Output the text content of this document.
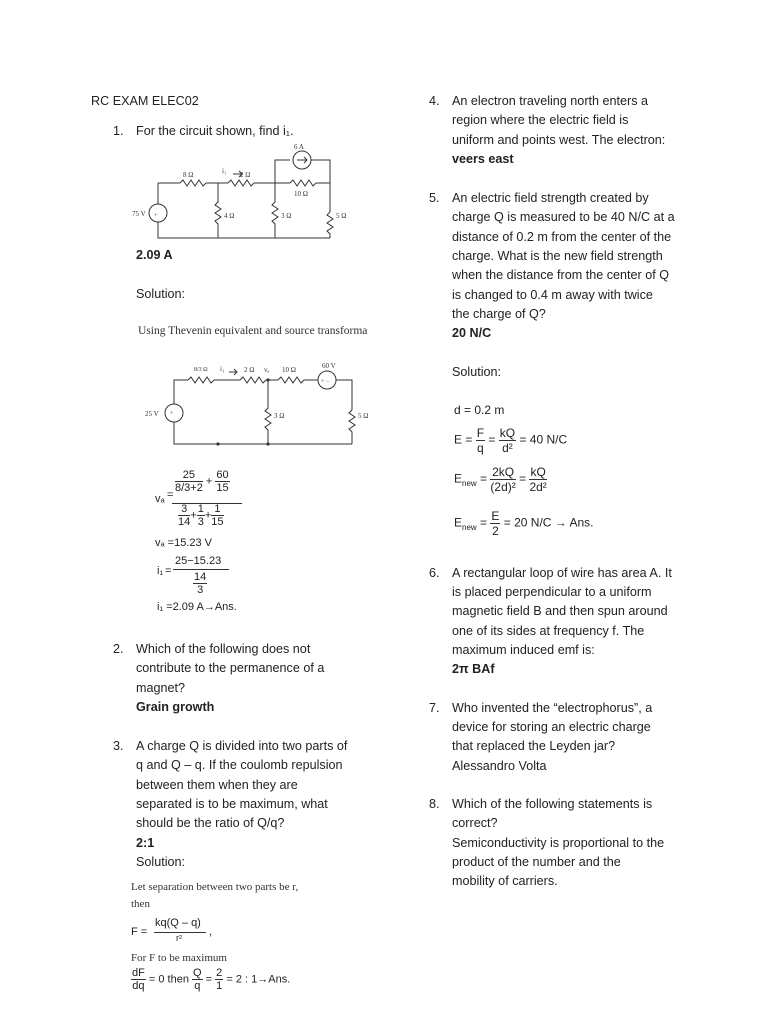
RC EXAM ELEC02
1. For the circuit shown, find i₁.
+
75 V
8 Ω	i₁ 2 Ω
6 A
10 Ω
4 Ω	3 Ω	5 Ω
2.09 A
Solution:
Using Thevenin equivalent and source transforma
+
+ −
25 V
8/3 Ω i₁	2 Ω vₐ 10 Ω	60 V
3 Ω	5 Ω
vₐ =
$\frac{25}{8/3+2} + \frac{60}{15}$
$\frac{3}{14} + \frac{1}{3} + \frac{1}{15}$
vₐ =15.23 V
i₁ =
25−15.23
$\frac{14}{3}$
i₁ =2.09 A→Ans.
2. Which of the following does not
contribute to the permanence of a
magnet?
Grain growth
3. A charge Q is divided into two parts of
q and Q – q. If the coulomb repulsion
between them when they are
separated is to be maximum, what
should be the ratio of Q/q?
2:1
Solution:
Let separation between two parts be r,
then
F =
kq(Q – q)
r² ,
For F to be maximum
$\frac{dF}{dq} = 0$ then $\frac{Q}{q} = \frac{2}{1} = 2$ : 1→Ans.
4. An electron traveling north enters a
region where the electric field is
uniform and points west. The electron:
veers east
5. An electric field strength created by
charge Q is measured to be 40 N/C at a
distance of 0.2 m from the center of the
charge. What is the new field strength
when the distance from the center of Q
is changed to 0.4 m away with twice
the charge of Q?
20 N/C
Solution:
d = 0.2 m
$E = \frac{F}{q} = \frac{kQ}{\text{d²}} = 40$ N/C
$E_{new} = \frac{2kQ}{\text{(2d)²}} = \frac{kQ}{\text{2d²}}$
$E_{new} = \frac{E}{2} = 20$ N/C → Ans.
6. A rectangular loop of wire has area A. It
is placed perpendicular to a uniform
magnetic field B and then spun around
one of its sides at frequency f. The
maximum induced emf is:
2π BAf
7. Who invented the “electrophorus”, a
device for storing an electric charge
that replaced the Leyden jar?
Alessandro Volta
8. Which of the following statements is
correct?
Semiconductivity is proportional to the
product of the number and the
mobility of carriers.
